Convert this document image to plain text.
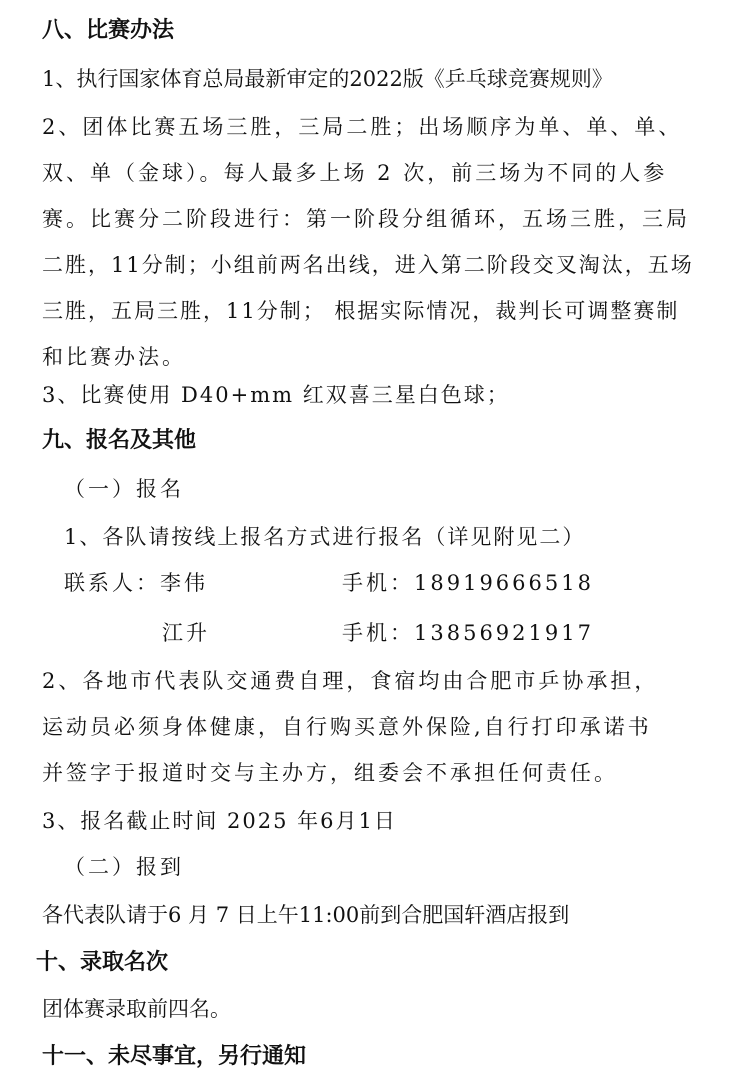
八、比赛办法
1、执行国家体育总局最新审定的2022版《乒乓球竞赛规则》
2、团体比赛五场三胜，三局二胜；出场顺序为单、单、单、
双、单（金球）。每人最多上场 2 次，前三场为不同的人参
赛。比赛分二阶段进行：第一阶段分组循环，五场三胜，三局
二胜，11分制；小组前两名出线，进入第二阶段交叉淘汰，五场
三胜，五局三胜，11分制； 根据实际情况，裁判长可调整赛制
和比赛办法。
3、比赛使用 D40+mm 红双喜三星白色球；
九、报名及其他
（一）报名
1、各队请按线上报名方式进行报名（详见附见二）
联系人：李伟	手机：18919666518
江升	手机：13856921917
2、各地市代表队交通费自理，食宿均由合肥市乒协承担，
运动员必须身体健康，自行购买意外保险,自行打印承诺书
并签字于报道时交与主办方，组委会不承担任何责任。
3、报名截止时间 2025 年6月1日
（二）报到
各代表队请于6 月 7 日上午11:00前到合肥国轩酒店报到
十、录取名次
团体赛录取前四名。
十一、未尽事宜，另行通知
